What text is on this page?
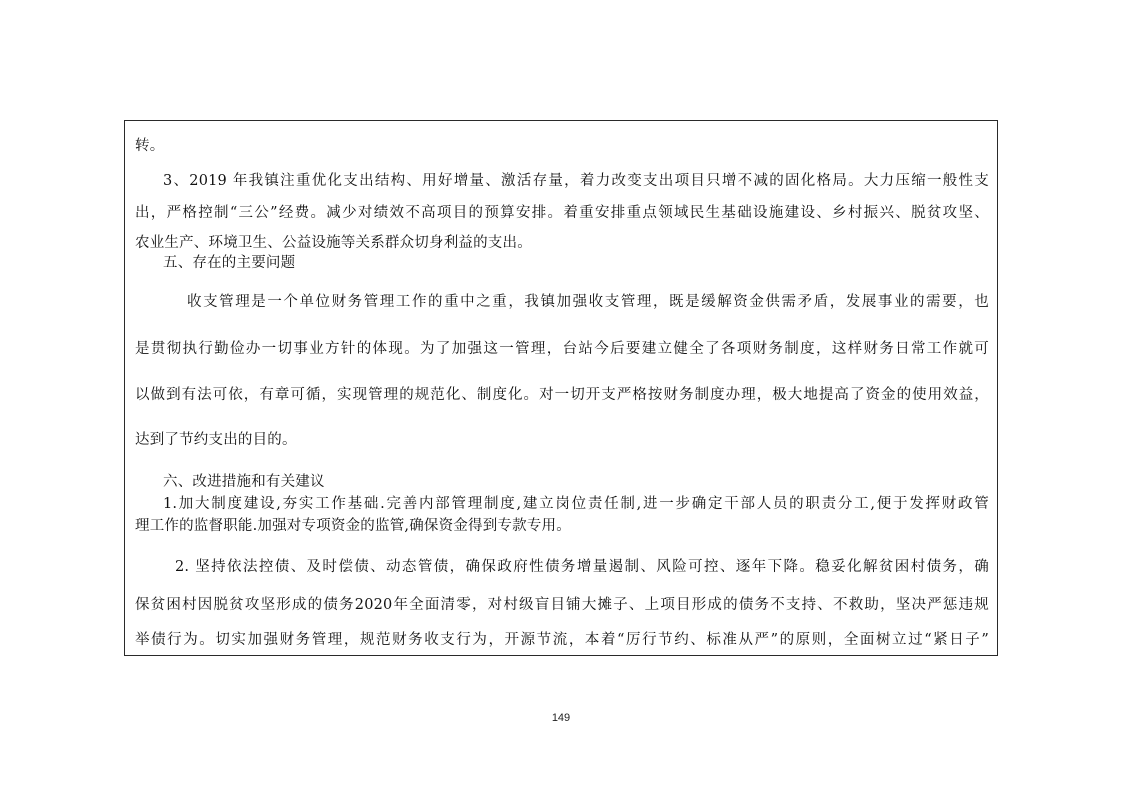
转。
3、2019 年我镇注重优化支出结构、用好增量、激活存量，着力改变支出项目只增不减的固化格局。大力压缩一般性支
出，严格控制“三公”经费。减少对绩效不高项目的预算安排。着重安排重点领域民生基础设施建设、乡村振兴、脱贫攻坚、
农业生产、环境卫生、公益设施等关系群众切身利益的支出。
五、存在的主要问题
收支管理是一个单位财务管理工作的重中之重，我镇加强收支管理，既是缓解资金供需矛盾，发展事业的需要，也
是贯彻执行勤俭办一切事业方针的体现。为了加强这一管理，台站今后要建立健全了各项财务制度，这样财务日常工作就可
以做到有法可依，有章可循，实现管理的规范化、制度化。对一切开支严格按财务制度办理，极大地提高了资金的使用效益，
达到了节约支出的目的。
六、改进措施和有关建议
1.加大制度建设,夯实工作基础.完善内部管理制度,建立岗位责任制,进一步确定干部人员的职责分工,便于发挥财政管
理工作的监督职能.加强对专项资金的监管,确保资金得到专款专用。
2. 坚持依法控债、及时偿债、动态管债，确保政府性债务增量遏制、风险可控、逐年下降。稳妥化解贫困村债务，确
保贫困村因脱贫攻坚形成的债务2020年全面清零，对村级盲目铺大摊子、上项目形成的债务不支持、不救助，坚决严惩违规
举债行为。切实加强财务管理，规范财务收支行为，开源节流，本着“厉行节约、标准从严”的原则，全面树立过“紧日子”
149
